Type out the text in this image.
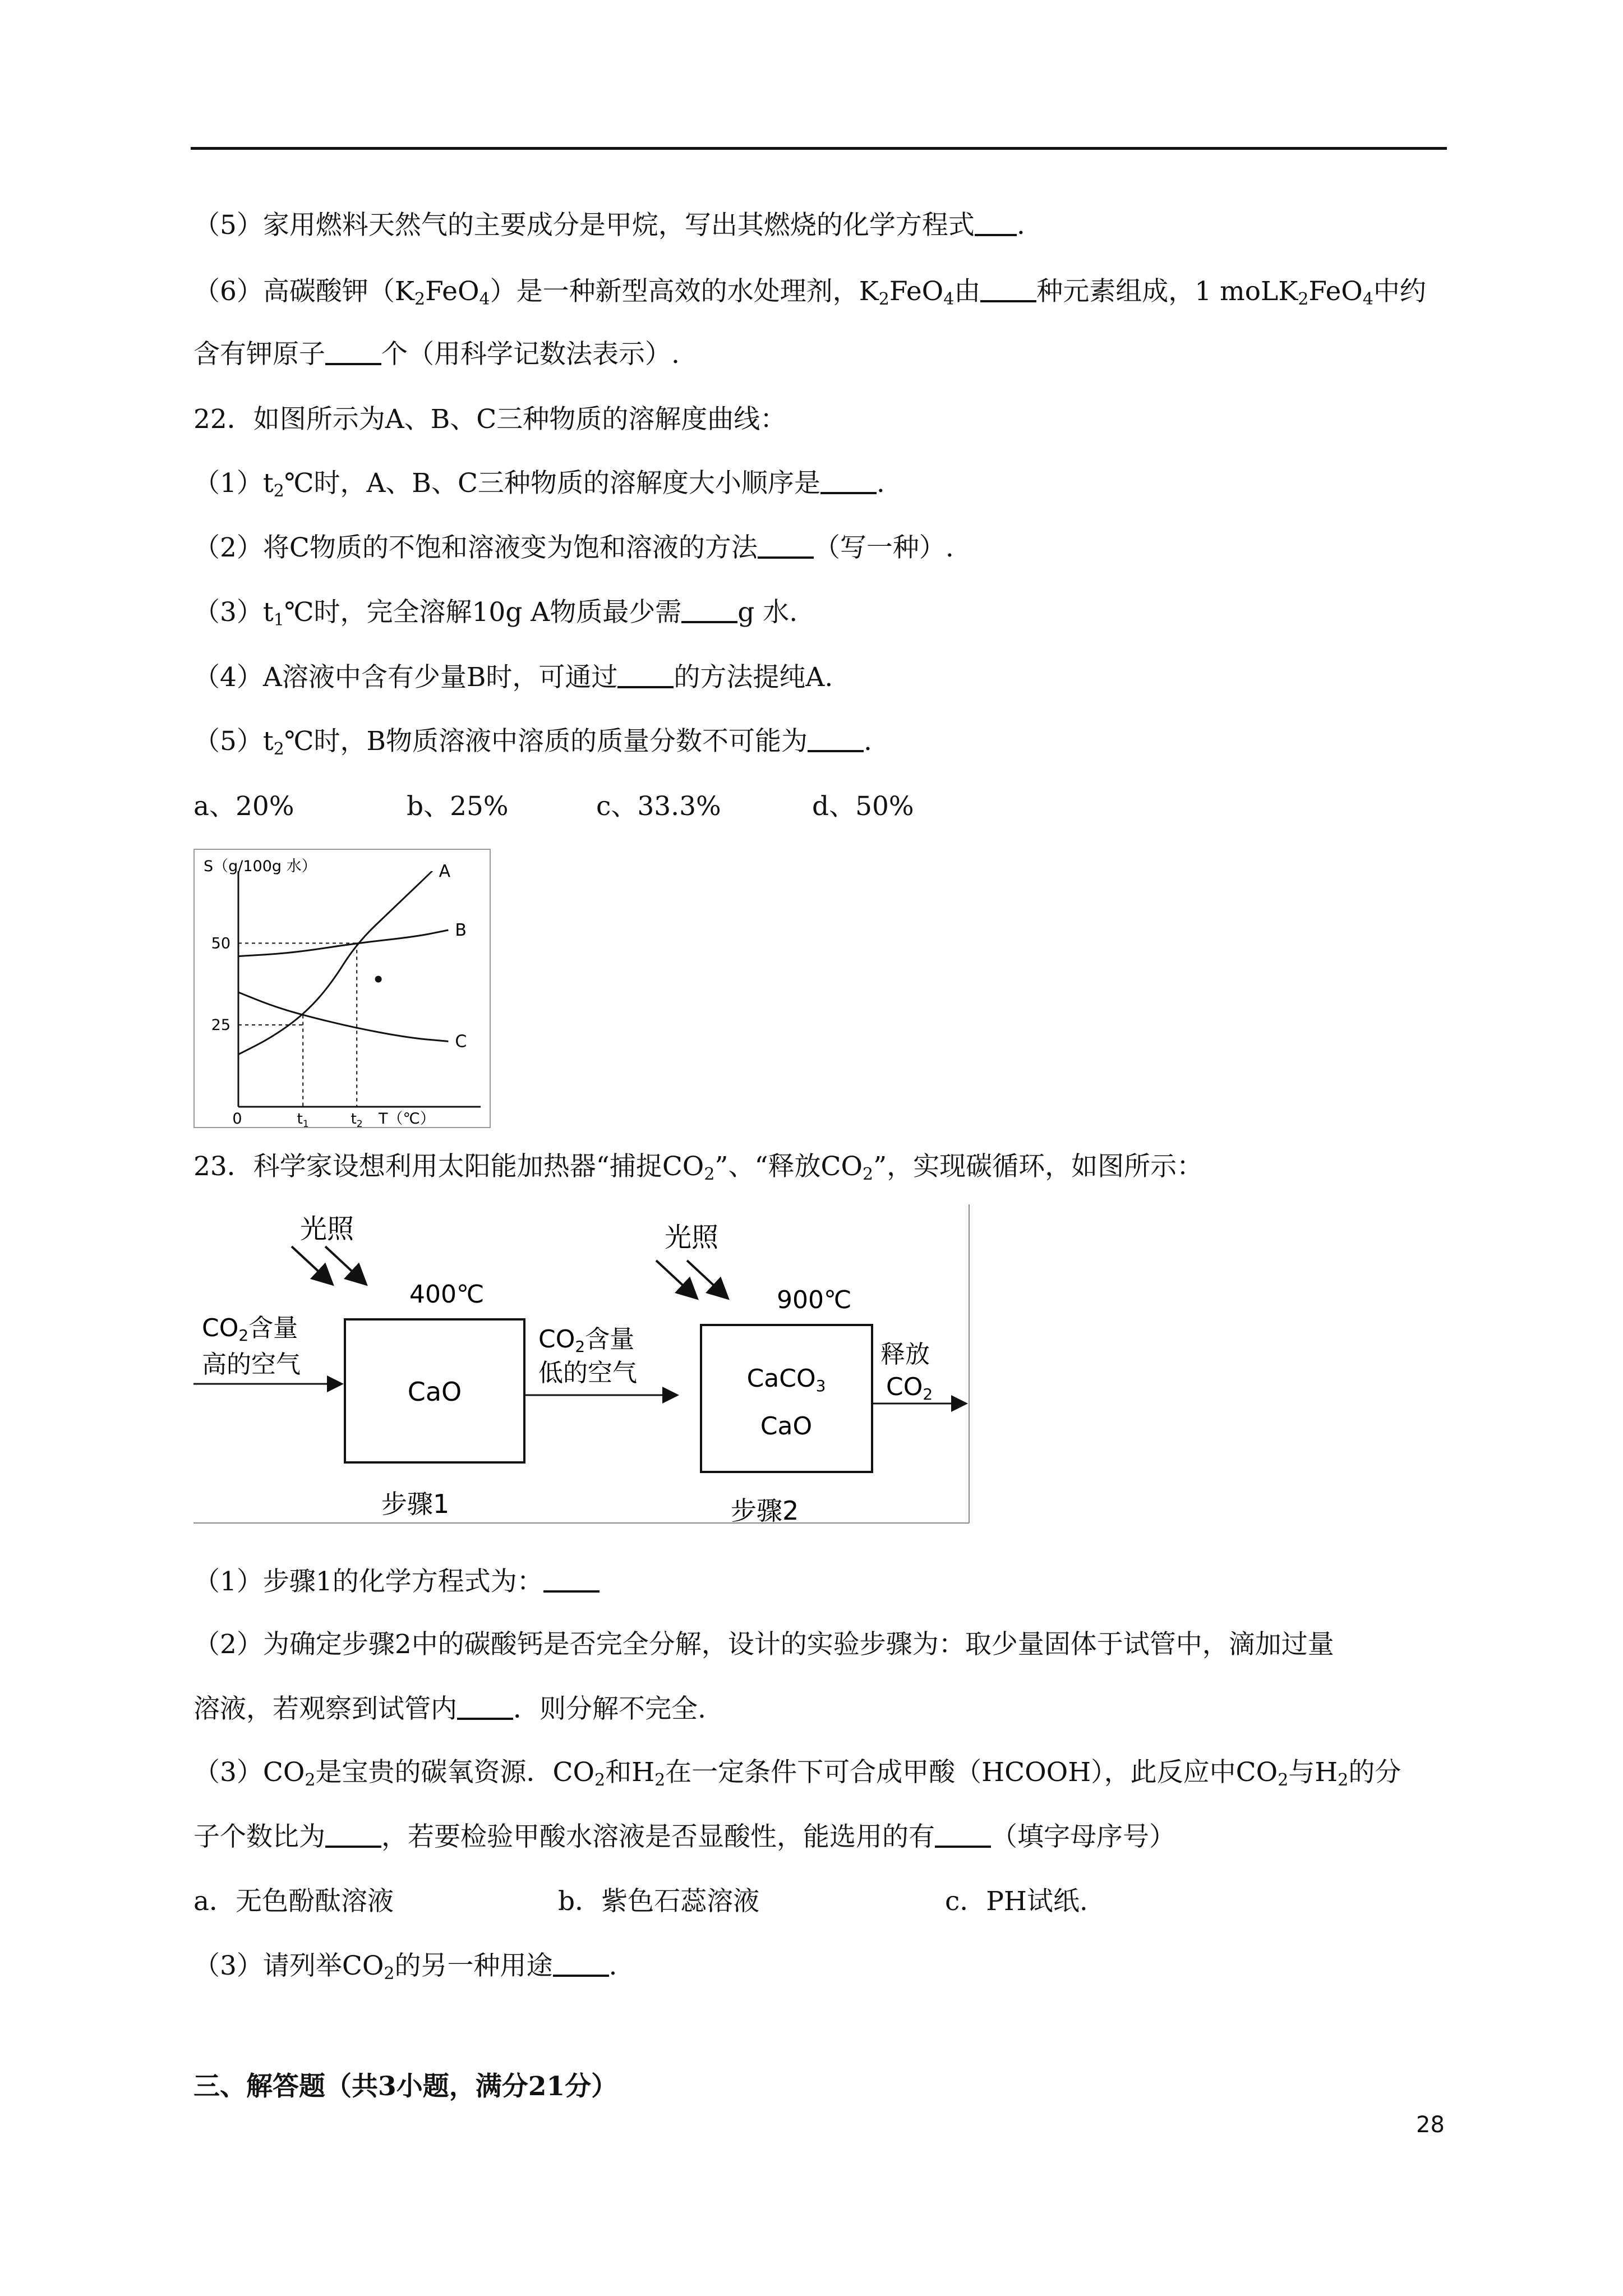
（5）家用燃料天然气的主要成分是甲烷，写出其燃烧的化学方程式 .
（6）高碳酸钾$(K_2FeO_4)$是一种新型高效的水处理剂，$K_2FeO_4$由 种元素组成，1 moLK$_2$FeO$_4$中约
含有钾原子 个（用科学记数法表示）.
22．如图所示为A、B、C三种物质的溶解度曲线：
$(1)t_2℃$时，A、B、C三种物质的溶解度大小顺序是 .
（2）将C物质的不饱和溶液变为饱和溶液的方法 （写一种）.
$(3)t_1℃$时，完全溶解10g A物质最少需 g 水.
（4）A溶液中含有少量B时，可通过 的方法提纯A.
$(5)t_2℃$时，B物质溶液中溶质的质量分数不可能为 .
a、20%	b、25%	c、33.3%	d、50%
S（g/100g 水）
T（℃）
0
50
25
$t_1$	$t_2$
A
B
C
23．科学家设想利用太阳能加热器“捕捉$CO_2$”、“释放$CO_2$”，实现碳循环，如图所示：
光照
400℃
CO2含量
高的空气
CaO
CO2含量
低的空气
光照
900℃
CaCO3
CaO
释放
CO2
步骤1	步骤2
（1）步骤1的化学方程式为：
（2）为确定步骤2中的碳酸钙是否完全分解，设计的实验步骤为：取少量固体于试管中，滴加过量
溶液，若观察到试管内 ．则分解不完全.
$(3)CO_2$是宝贵的碳氧资源．$CO_2$和$H_2$在一定条件下可合成甲酸（HCOOH），此反应中$CO_2$与$H_2$的分
子个数比为 ，若要检验甲酸水溶液是否显酸性，能选用的有 （填字母序号）
a．无色酚酞溶液	b．紫色石蕊溶液	c．PH试纸.
（3）请列举$CO_2$的另一种用途 .
三、解答题（共3小题，满分21分）
28
